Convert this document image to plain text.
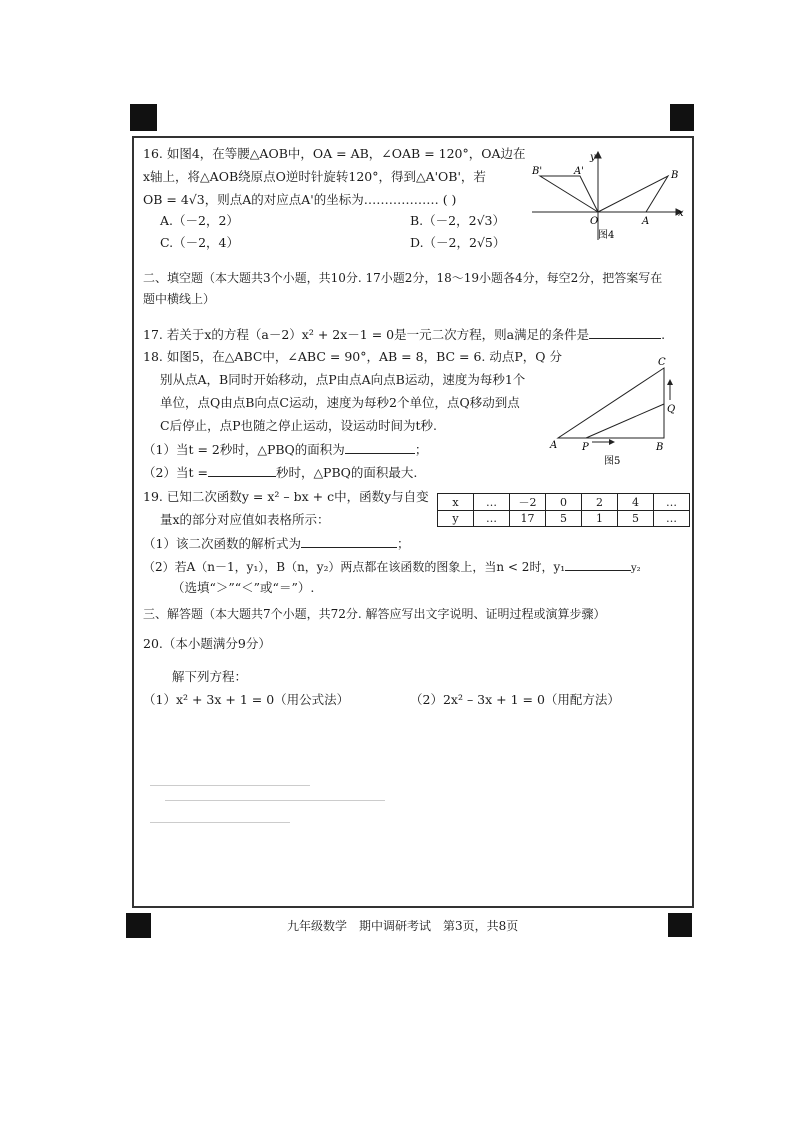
16. 如图4，在等腰△AOB中，OA = AB，∠OAB = 120°，OA边在
x轴上，将△AOB绕原点O逆时针旋转120°，得到△A'OB'，若
OB = 4√3，则点A的对应点A'的坐标为……………… ( )
A.（－2，2）	B.（－2，2√3）
C.（－2，4）	D.（－2，2√5）
B'	A'
y
B
O	A
x
图4
二、填空题（本大题共3个小题，共10分. 17小题2分，18～19小题各4分，每空2分，把答案写在
题中横线上）
17. 若关于x的方程（a－2）x² + 2x－1 = 0是一元二次方程，则a满足的条件是	.
18. 如图5，在△ABC中，∠ABC = 90°，AB = 8，BC = 6. 动点P，Q 分
别从点A，B同时开始移动，点P由点A向点B运动，速度为每秒1个
单位，点Q由点B向点C运动，速度为每秒2个单位，点Q移动到点
C后停止，点P也随之停止运动，设运动时间为t秒.
（1）当t = 2秒时，△PBQ的面积为	；
（2）当t =	秒时，△PBQ的面积最大.
C
Q
A P	B
图5
19. 已知二次函数y = x² – bx + c中，函数y与自变
量x的部分对应值如表格所示：
x	…	－2	0	2	4	…
y	…	17	5	1	5	…
（1）该二次函数的解析式为	；
（2）若A（n－1，y₁），B（n，y₂）两点都在该函数的图象上，当n < 2时，y₁	y₂
（选填“＞”“＜”或“＝”）.
三、解答题（本大题共7个小题，共72分. 解答应写出文字说明、证明过程或演算步骤）
20.（本小题满分9分）
解下列方程：
（1）x² + 3x + 1 = 0（用公式法）	（2）2x² – 3x + 1 = 0（用配方法）
九年级数学　期中调研考试　第3页，共8页
